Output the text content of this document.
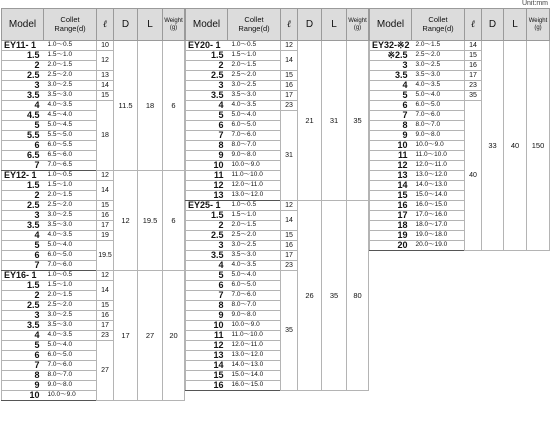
Unit:mm
Model	Collet
Range(d)	ℓ	D	L	Weight
(g)
EY11- 1	1.0〜0.5	10	11.5	18	6
1.5	1.5〜1.0	12			
2	2.0〜1.5				
2.5	2.5〜2.0	13			
3	3.0〜2.5	14			
3.5	3.5〜3.0	15			
4	4.0〜3.5	18			
4.5	4.5〜4.0				
5	5.0〜4.5				
5.5	5.5〜5.0				
6	6.0〜5.5				
6.5	6.5〜6.0				
7	7.0〜6.5				
EY12- 1	1.0〜0.5	12	12	19.5	6
1.5	1.5〜1.0	14			
2	2.0〜1.5				
2.5	2.5〜2.0	15			
3	3.0〜2.5	16			
3.5	3.5〜3.0	17			
4	4.0〜3.5	19			
5	5.0〜4.0	19.5			
6	6.0〜5.0				
7	7.0〜6.0				
EY16- 1	1.0〜0.5	12	17	27	20
1.5	1.5〜1.0	14			
2	2.0〜1.5				
2.5	2.5〜2.0	15			
3	3.0〜2.5	16			
3.5	3.5〜3.0	17			
4	4.0〜3.5	23			
5	5.0〜4.0	27			
6	6.0〜5.0				
7	7.0〜6.0				
8	8.0〜7.0				
9	9.0〜8.0				
10	10.0〜9.0				
Model	Collet
Range(d)	ℓ	D	L	Weight
(g)
EY20- 1	1.0〜0.5	12	21	31	35
1.5	1.5〜1.0	14			
2	2.0〜1.5				
2.5	2.5〜2.0	15			
3	3.0〜2.5	16			
3.5	3.5〜3.0	17			
4	4.0〜3.5	23			
5	5.0〜4.0	31			
6	6.0〜5.0				
7	7.0〜6.0				
8	8.0〜7.0				
9	9.0〜8.0				
10	10.0〜9.0				
11	11.0〜10.0				
12	12.0〜11.0				
13	13.0〜12.0				
EY25- 1	1.0〜0.5	12	26	35	80
1.5	1.5〜1.0	14			
2	2.0〜1.5				
2.5	2.5〜2.0	15			
3	3.0〜2.5	16			
3.5	3.5〜3.0	17			
4	4.0〜3.5	23			
5	5.0〜4.0	35			
6	6.0〜5.0				
7	7.0〜6.0				
8	8.0〜7.0				
9	9.0〜8.0				
10	10.0〜9.0				
11	11.0〜10.0				
12	12.0〜11.0				
13	13.0〜12.0				
14	14.0〜13.0				
15	15.0〜14.0				
16	16.0〜15.0				
Model	Collet
Range(d)	ℓ	D	L	Weight
(g)
EY32-※2	2.0〜1.5	14	33	40	150
※2.5	2.5〜2.0	15			
3	3.0〜2.5	16			
3.5	3.5〜3.0	17			
4	4.0〜3.5	23			
5	5.0〜4.0	35			
6	6.0〜5.0	40			
7	7.0〜6.0				
8	8.0〜7.0				
9	9.0〜8.0				
10	10.0〜9.0				
11	11.0〜10.0				
12	12.0〜11.0				
13	13.0〜12.0				
14	14.0〜13.0				
15	15.0〜14.0				
16	16.0〜15.0				
17	17.0〜16.0				
18	18.0〜17.0				
19	19.0〜18.0				
20	20.0〜19.0				
